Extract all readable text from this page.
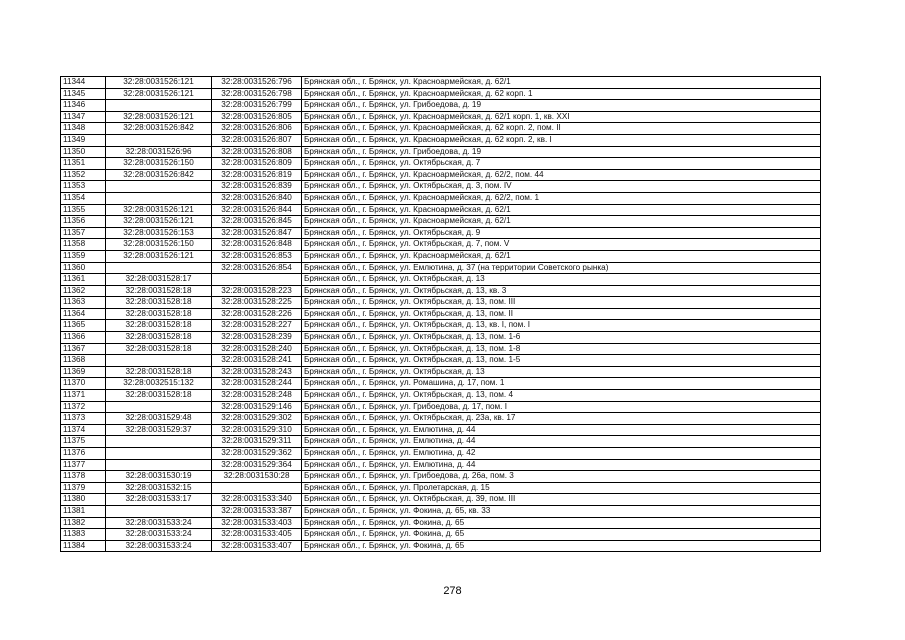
11344	32:28:0031526:121	32:28:0031526:796	Брянская обл., г. Брянск, ул. Красноармейская, д. 62/1
11345	32:28:0031526:121	32:28:0031526:798	Брянская обл., г. Брянск, ул. Красноармейская, д. 62 корп. 1
11346		32:28:0031526:799	Брянская обл., г. Брянск, ул. Грибоедова, д. 19
11347	32:28:0031526:121	32:28:0031526:805	Брянская обл., г. Брянск, ул. Красноармейская, д. 62/1 корп. 1, кв. XXI
11348	32:28:0031526:842	32:28:0031526:806	Брянская обл., г. Брянск, ул. Красноармейская, д. 62 корп. 2, пом. II
11349		32:28:0031526:807	Брянская обл., г. Брянск, ул. Красноармейская, д. 62 корп. 2, кв. I
11350	32:28:0031526:96	32:28:0031526:808	Брянская обл., г. Брянск, ул. Грибоедова, д. 19
11351	32:28:0031526:150	32:28:0031526:809	Брянская обл., г. Брянск, ул. Октябрьская, д. 7
11352	32:28:0031526:842	32:28:0031526:819	Брянская обл., г. Брянск, ул. Красноармейская, д. 62/2, пом. 44
11353		32:28:0031526:839	Брянская обл., г. Брянск, ул. Октябрьская, д. 3, пом. IV
11354		32:28:0031526:840	Брянская обл., г. Брянск, ул. Красноармейская, д. 62/2, пом. 1
11355	32:28:0031526:121	32:28:0031526:844	Брянская обл., г. Брянск, ул. Красноармейская, д. 62/1
11356	32:28:0031526:121	32:28:0031526:845	Брянская обл., г. Брянск, ул. Красноармейская, д. 62/1
11357	32:28:0031526:153	32:28:0031526:847	Брянская обл., г. Брянск, ул. Октябрьская, д. 9
11358	32:28:0031526:150	32:28:0031526:848	Брянская обл., г. Брянск, ул. Октябрьская, д. 7, пом. V
11359	32:28:0031526:121	32:28:0031526:853	Брянская обл., г. Брянск, ул. Красноармейская, д. 62/1
11360		32:28:0031526:854	Брянская обл., г. Брянск, ул. Емлютина, д. 37 (на территории Советского рынка)
11361	32:28:0031528:17		Брянская обл., г. Брянск, ул. Октябрьская, д. 13
11362	32:28:0031528:18	32:28:0031528:223	Брянская обл., г. Брянск, ул. Октябрьская, д. 13, кв. 3
11363	32:28:0031528:18	32:28:0031528:225	Брянская обл., г. Брянск, ул. Октябрьская, д. 13, пом. III
11364	32:28:0031528:18	32:28:0031528:226	Брянская обл., г. Брянск, ул. Октябрьская, д. 13, пом. II
11365	32:28:0031528:18	32:28:0031528:227	Брянская обл., г. Брянск, ул. Октябрьская, д. 13, кв. I, пом. I
11366	32:28:0031528:18	32:28:0031528:239	Брянская обл., г. Брянск, ул. Октябрьская, д. 13, пом. 1-6
11367	32:28:0031528:18	32:28:0031528:240	Брянская обл., г. Брянск, ул. Октябрьская, д. 13, пом. 1-8
11368		32:28:0031528:241	Брянская обл., г. Брянск, ул. Октябрьская, д. 13, пом. 1-5
11369	32:28:0031528:18	32:28:0031528:243	Брянская обл., г. Брянск, ул. Октябрьская, д. 13
11370	32:28:0032515:132	32:28:0031528:244	Брянская обл., г. Брянск, ул. Ромашина, д. 17, пом. 1
11371	32:28:0031528:18	32:28:0031528:248	Брянская обл., г. Брянск, ул. Октябрьская, д. 13, пом. 4
11372		32:28:0031529:146	Брянская обл., г. Брянск, ул. Грибоедова, д. 17, пом. I
11373	32:28:0031529:48	32:28:0031529:302	Брянская обл., г. Брянск, ул. Октябрьская, д. 23а, кв. 17
11374	32:28:0031529:37	32:28:0031529:310	Брянская обл., г. Брянск, ул. Емлютина, д. 44
11375		32:28:0031529:311	Брянская обл., г. Брянск, ул. Емлютина, д. 44
11376		32:28:0031529:362	Брянская обл., г. Брянск, ул. Емлютина, д. 42
11377		32:28:0031529:364	Брянская обл., г. Брянск, ул. Емлютина, д. 44
11378	32:28:0031530:19	32:28:0031530:28	Брянская обл., г. Брянск, ул. Грибоедова, д. 26а, пом. 3
11379	32:28:0031532:15		Брянская обл., г. Брянск, ул. Пролетарская, д. 15
11380	32:28:0031533:17	32:28:0031533:340	Брянская обл., г. Брянск, ул. Октябрьская, д. 39, пом. III
11381		32:28:0031533:387	Брянская обл., г. Брянск, ул. Фокина, д. 65, кв. 33
11382	32:28:0031533:24	32:28:0031533:403	Брянская обл., г. Брянск, ул. Фокина, д. 65
11383	32:28:0031533:24	32:28:0031533:405	Брянская обл., г. Брянск, ул. Фокина, д. 65
11384	32:28:0031533:24	32:28:0031533:407	Брянская обл., г. Брянск, ул. Фокина, д. 65
278
